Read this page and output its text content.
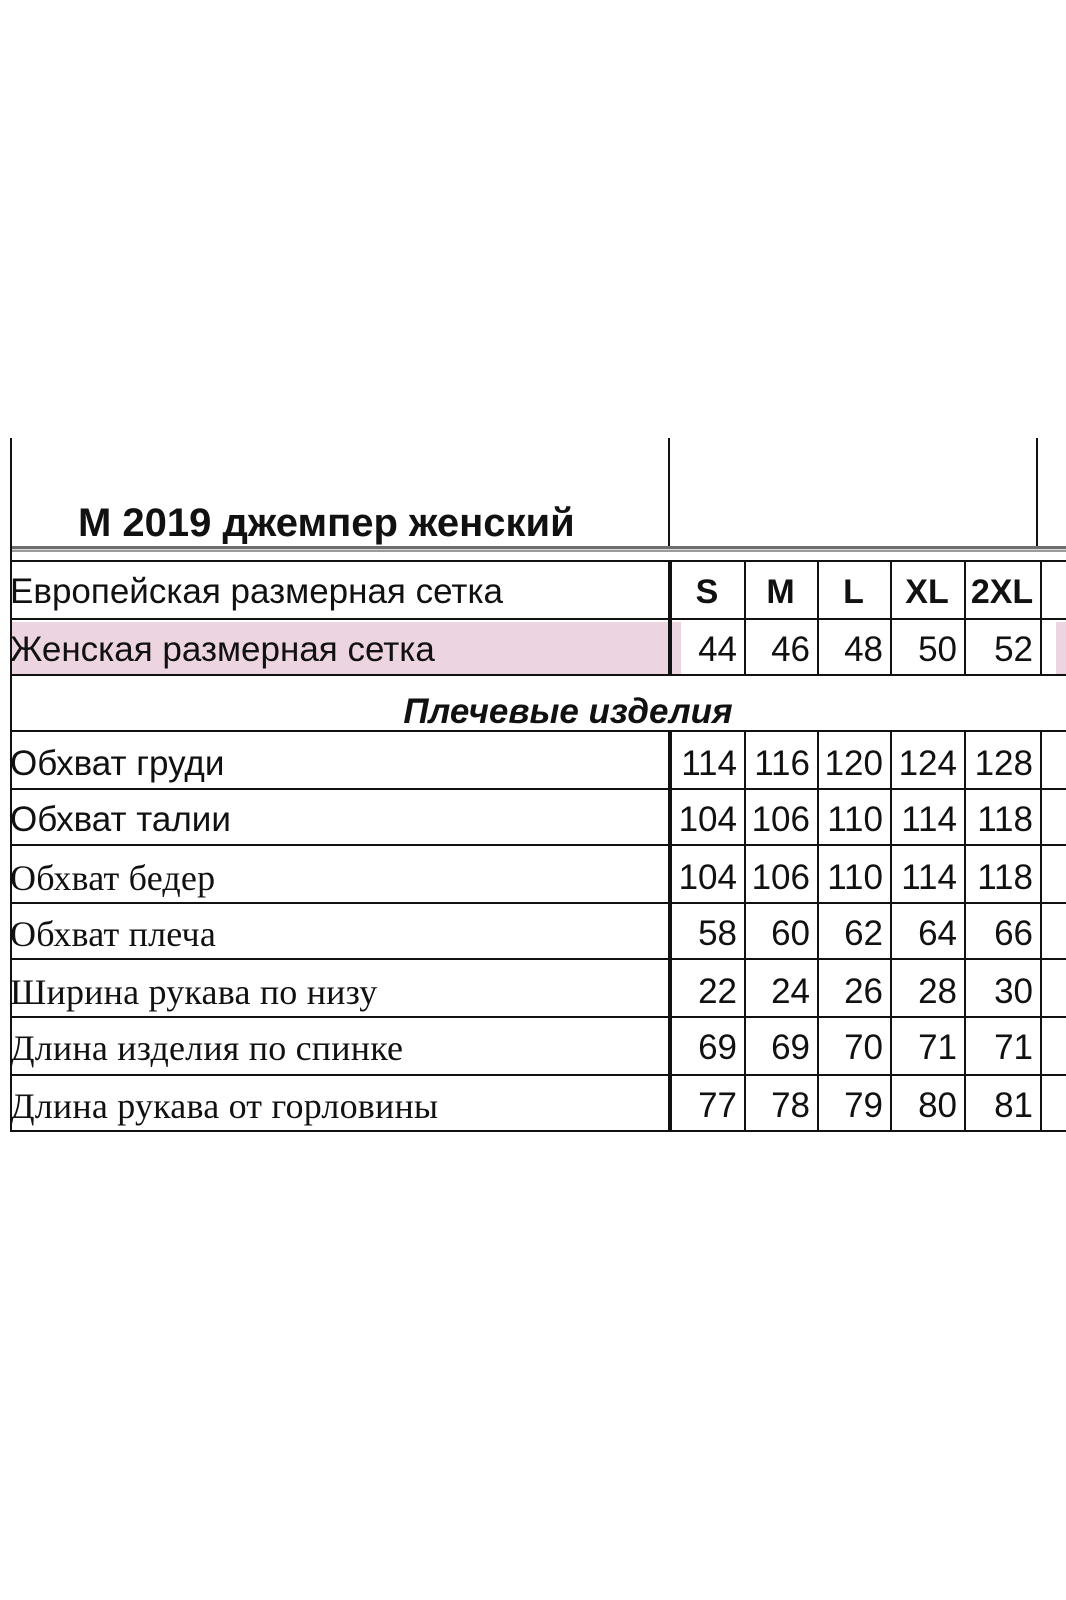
М 2019 джемпер женский
Европейская размерная сетка	S	M	L	XL 2XL
Женская размерная сетка	44 46 48	50	52
Обхват груди	114 116 120 124 128
Обхват талии	104 106 110 114 118
Обхват бедер	104 106 110 114 118
Обхват плеча	58 60 62	64	66
Ширина рукава по низу	22 24 26	28	30
Длина изделия по спинке	69 69 70	71	71
Длина рукава от горловины	77 78 79	80	81
Плечевые изделия
